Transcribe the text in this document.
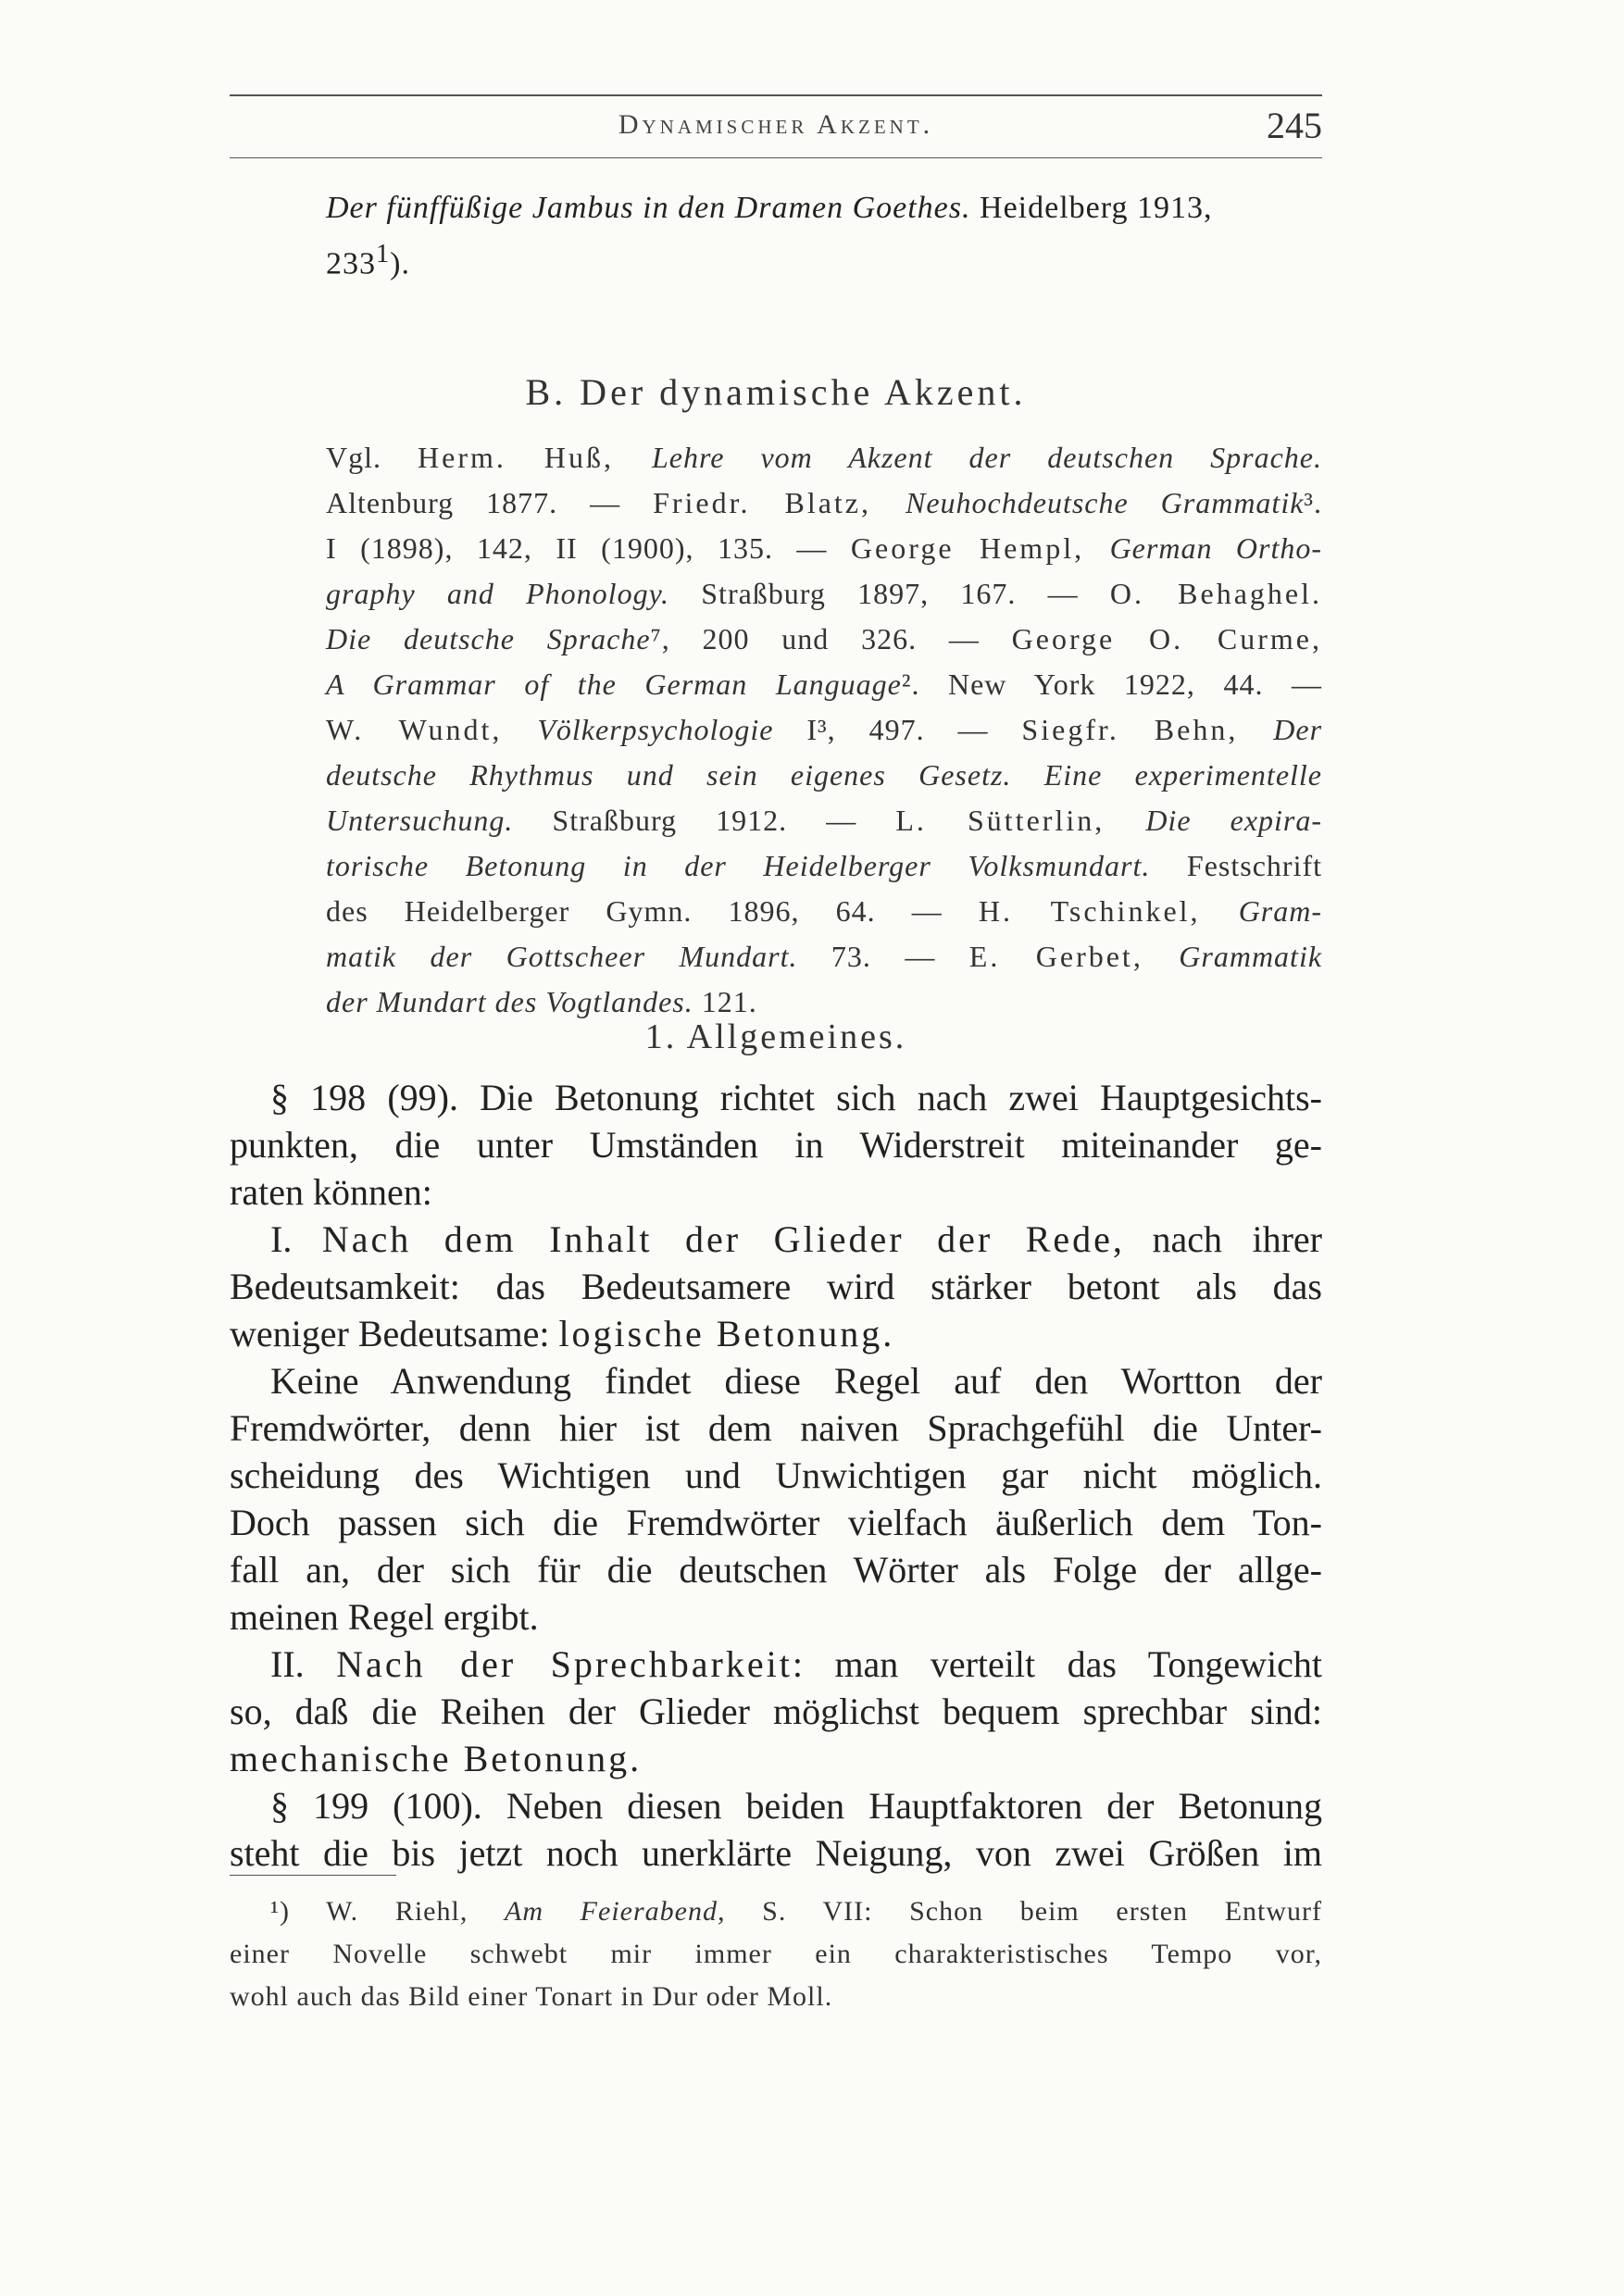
Dynamischer Akzent.	245

Der fünffüßige Jambus in den Dramen Goethes. Heidelberg 1913,

$233^1$).

B. Der dynamische Akzent.

Vgl. Herm. Huß, Lehre vom Akzent der deutschen Sprache.

Altenburg 1877. — Friedr. Blatz, Neuhochdeutsche Grammatik³.

I (1898), 142, II (1900), 135. — George Hempl, German Ortho-

graphy and Phonology. Straßburg 1897, 167. — O. Behaghel.

Die deutsche Sprache⁷, 200 und 326. — George O. Curme,

A Grammar of the German Language². New York 1922, 44. —

W. Wundt, Völkerpsychologie I³, 497. — Siegfr. Behn, Der

deutsche Rhythmus und sein eigenes Gesetz. Eine experimentelle

Untersuchung. Straßburg 1912. — L. Sütterlin, Die expira-

torische Betonung in der Heidelberger Volksmundart. Festschrift

des Heidelberger Gymn. 1896, 64. — H. Tschinkel, Gram-

matik der Gottscheer Mundart. 73. — E. Gerbet, Grammatik

der Mundart des Vogtlandes. 121.

1. Allgemeines.

§ 198 (99). Die Betonung richtet sich nach zwei Hauptgesichts-

punkten, die unter Umständen in Widerstreit miteinander ge-

raten können:

I. Nach dem Inhalt der Glieder der Rede, nach ihrer

Bedeutsamkeit: das Bedeutsamere wird stärker betont als das

weniger Bedeutsame: logische Betonung.

Keine Anwendung findet diese Regel auf den Wortton der

Fremdwörter, denn hier ist dem naiven Sprachgefühl die Unter-

scheidung des Wichtigen und Unwichtigen gar nicht möglich.

Doch passen sich die Fremdwörter vielfach äußerlich dem Ton-

fall an, der sich für die deutschen Wörter als Folge der allge-

meinen Regel ergibt.

II. Nach der Sprechbarkeit: man verteilt das Tongewicht

so, daß die Reihen der Glieder möglichst bequem sprechbar sind:

mechanische Betonung.

§ 199 (100). Neben diesen beiden Hauptfaktoren der Betonung

steht die bis jetzt noch unerklärte Neigung, von zwei Größen im

¹) W. Riehl, Am Feierabend, S. VII: Schon beim ersten Entwurf

einer Novelle schwebt mir immer ein charakteristisches Tempo vor,

wohl auch das Bild einer Tonart in Dur oder Moll.
